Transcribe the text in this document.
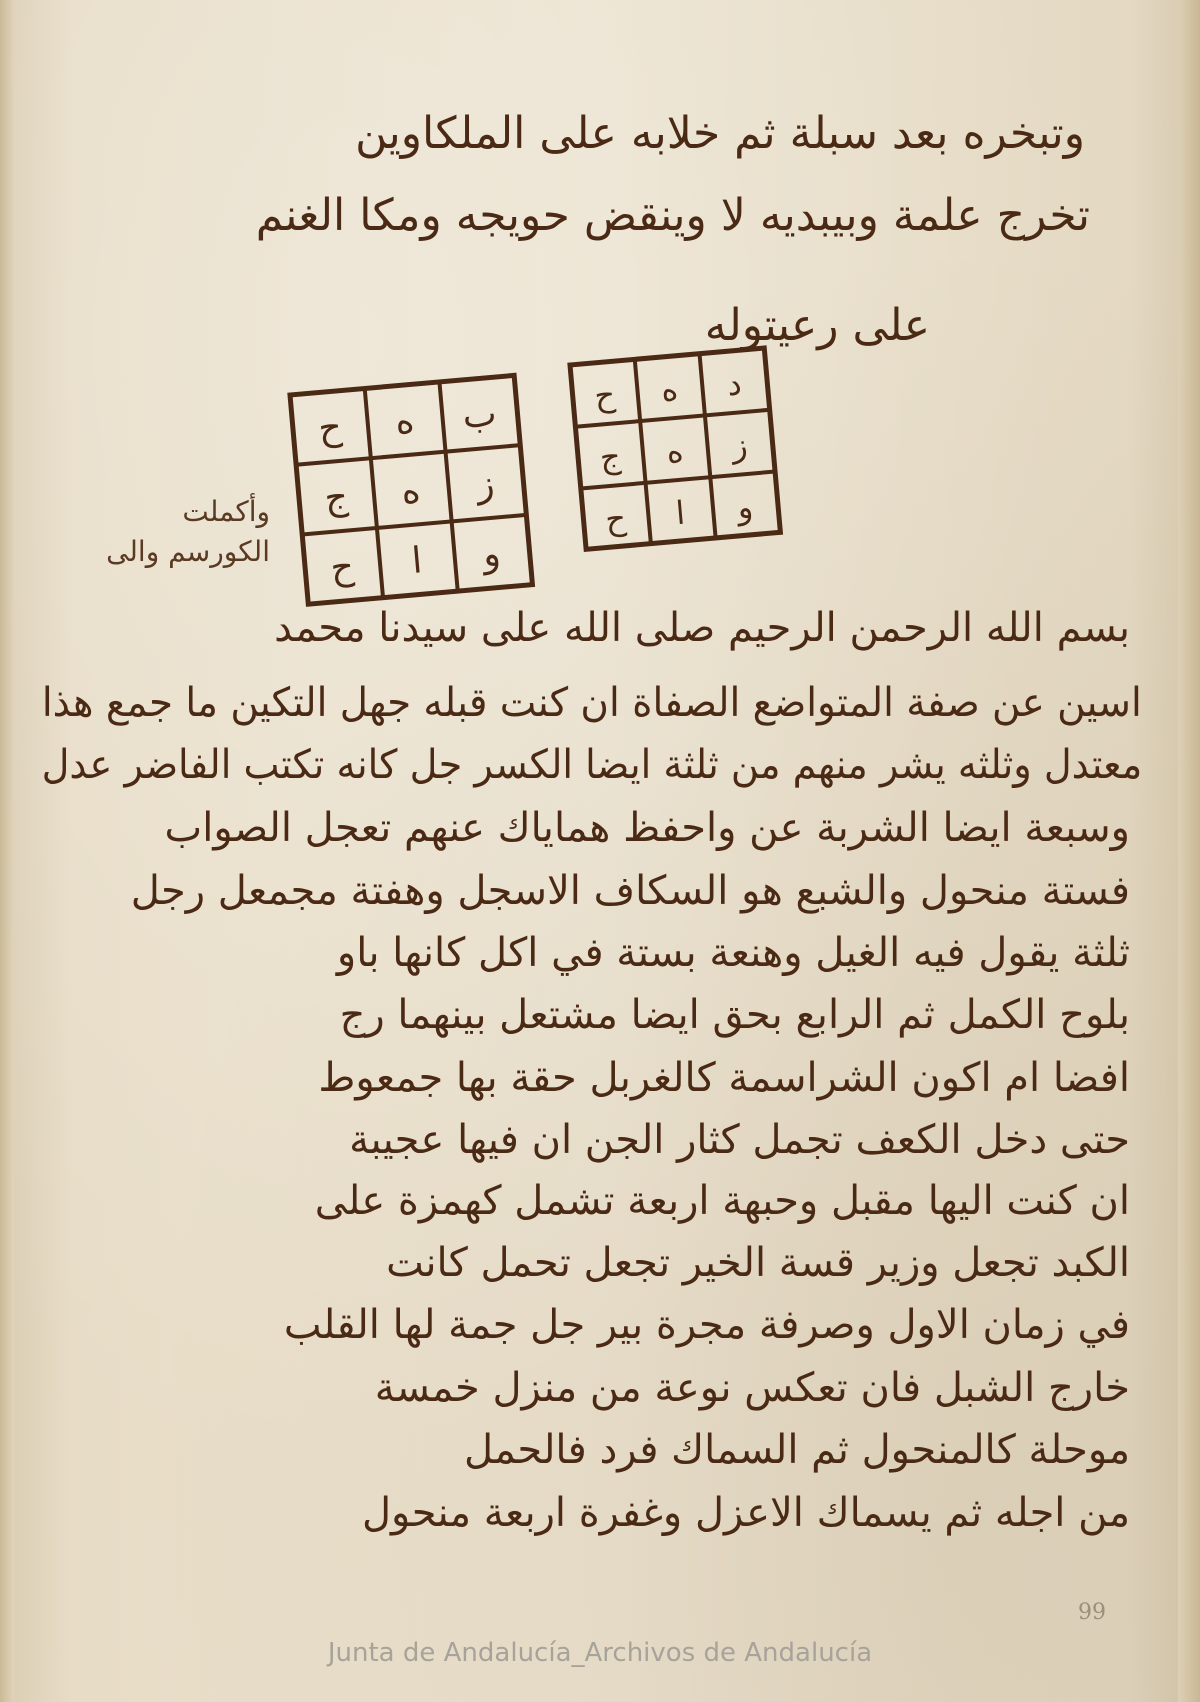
وتبخره بعد سبلة ثم خلابه على الملكاوين
تخرج علمة وبيبديه لا وينقض حويجه ومكا الغنم
على رعيتوله
ب
ه
ح
ز
ه
ج
و
ا
ح
د
ه
ح
ز
ه
ج
و
ا
ح
وأكملت
الكورسم والى
بسم الله الرحمن الرحيم صلى الله على سيدنا محمد
اسين عن صفة المتواضع الصفاة ان كنت قبله جهل التكين ما جمع هذا
معتدل وثلثه يشر منهم من ثلثة ايضا الكسر جل كانه تكتب الفاضر عدل
وسبعة ايضا الشربة عن واحفظ هماياك عنهم تعجل الصواب
فستة منحول والشبع هو السكاف الاسجل وهفتة مجمعل رجل
ثلثة يقول فيه الغيل وهنعة بستة في اكل كانها باو
بلوح الكمل ثم الرابع بحق ايضا مشتعل بينهما رج
افضا ام اكون الشراسمة كالغربل حقة بها جمعوط
حتى دخل الكعف تجمل كثار الجن ان فيها عجيبة
ان كنت اليها مقبل وحبهة اربعة تشمل كهمزة على
الكبد تجعل وزير قسة الخير تجعل تحمل كانت
في زمان الاول وصرفة مجرة بير جل جمة لها القلب
خارج الشبل فان تعكس نوعة من منزل خمسة
موحلة كالمنحول ثم السماك فرد فالحمل
من اجله ثم يسماك الاعزل وغفرة اربعة منحول
99
Junta de Andalucía_Archivos de Andalucía
